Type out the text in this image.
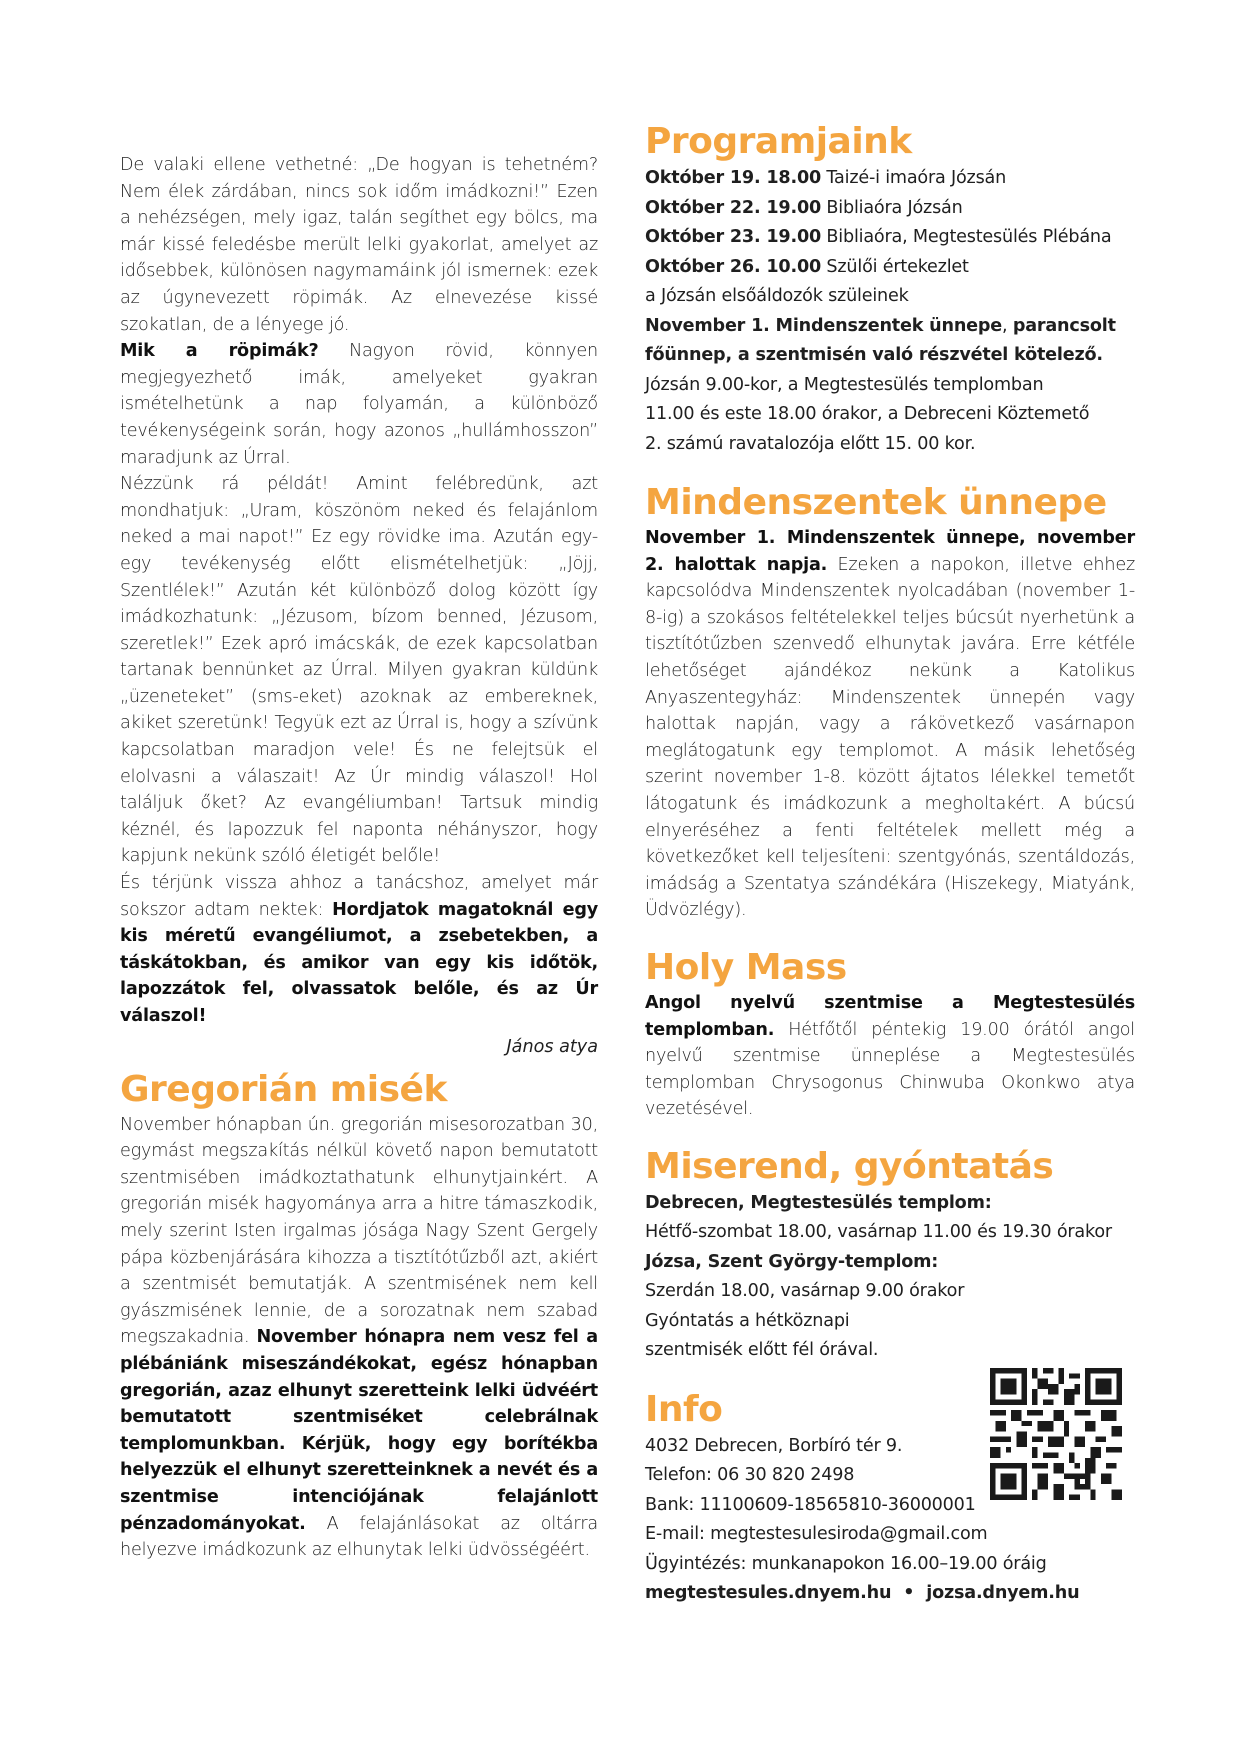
De valaki ellene vethetné: „De hogyan is tehetném? Nem élek zárdában, nincs sok időm imádkozni!” Ezen a nehézségen, mely igaz, talán segíthet egy bölcs, ma már kissé feledésbe merült lelki gyakorlat, amelyet az idősebbek, különösen nagymamáink jól ismernek: ezek az úgynevezett röpimák. Az elnevezése kissé szokatlan, de a lényege jó.

Mik a röpimák? Nagyon rövid, könnyen megjegyezhető imák, amelyeket gyakran ismételhetünk a nap folyamán, a különböző tevékenységeink során, hogy azonos „hullámhosszon” maradjunk az Úrral.

Nézzünk rá példát! Amint felébredünk, azt mondhatjuk: „Uram, köszönöm neked és felajánlom neked a mai napot!” Ez egy rövidke ima. Azután egy-egy tevékenység előtt elismételhetjük: „Jöjj, Szentlélek!” Azután két különböző dolog között így imádkozhatunk: „Jézusom, bízom benned, Jézusom, szeretlek!” Ezek apró imácskák, de ezek kapcsolatban tartanak bennünket az Úrral. Milyen gyakran küldünk „üzeneteket” (sms-eket) azoknak az embereknek, akiket szeretünk! Tegyük ezt az Úrral is, hogy a szívünk kapcsolatban maradjon vele! És ne felejtsük el elolvasni a válaszait! Az Úr mindig válaszol! Hol találjuk őket? Az evangéliumban! Tartsuk mindig kéznél, és lapozzuk fel naponta néhányszor, hogy kapjunk nekünk szóló életigét belőle!

És térjünk vissza ahhoz a tanácshoz, amelyet már sokszor adtam nektek: Hordjatok magatoknál egy kis méretű evangéliumot, a zsebetekben, a táskátokban, és amikor van egy kis időtök, lapozzátok fel, olvassatok belőle, és az Úr válaszol!

János atya
Gregorián misék

November hónapban ún. gregorián misesorozatban 30, egymást megszakítás nélkül követő napon bemutatott szentmisében imádkoztathatunk elhunytjainkért. A gregorián misék hagyománya arra a hitre támaszkodik, mely szerint Isten irgalmas jósága Nagy Szent Gergely pápa közbenjárására kihozza a tisztítótűzből azt, akiért a szentmisét bemutatják. A szentmisének nem kell gyászmisének lennie, de a sorozatnak nem szabad megszakadnia. November hónapra nem vesz fel a plébániánk miseszándékokat, egész hónapban gregorián, azaz elhunyt szeretteink lelki üdvéért bemutatott szentmiséket celebrálnak templomunkban. Kérjük, hogy egy borítékba helyezzük el elhunyt szeretteinknek a nevét és a szentmise intenciójának felajánlott pénzadományokat. A felajánlásokat az oltárra helyezve imádkozunk az elhunytak lelki üdvösségéért.

Programjaink
Október 19. 18.00 Taizé-i imaóra Józsán
Október 22. 19.00 Bibliaóra Józsán
Október 23. 19.00 Bibliaóra, Megtestesülés Plébána
Október 26. 10.00 Szülői értekezlet
a Józsán elsőáldozók szüleinek
November 1. Mindenszentek ünnepe, parancsolt
főünnep, a szentmisén való részvétel kötelező.
Józsán 9.00-kor, a Megtestesülés templomban
11.00 és este 18.00 órakor, a Debreceni Köztemető
2. számú ravatalozója előtt 15. 00 kor.
Mindenszentek ünnepe

November 1. Mindenszentek ünnepe, november 2. halottak napja. Ezeken a napokon, illetve ehhez kapcsolódva Mindenszentek nyolcadában (november 1-8-ig) a szokásos feltételekkel teljes búcsút nyerhetünk a tisztítótűzben szenvedő elhunytak javára. Erre kétféle lehetőséget ajándékoz nekünk a Katolikus Anyaszentegyház: Mindenszentek ünnepén vagy halottak napján, vagy a rákövetkező vasárnapon meglátogatunk egy templomot. A másik lehetőség szerint november 1-8. között ájtatos lélekkel temetőt látogatunk és imádkozunk a megholtakért. A búcsú elnyeréséhez a fenti feltételek mellett még a következőket kell teljesíteni: szentgyónás, szentáldozás, imádság a Szentatya szándékára (Hiszekegy, Miatyánk, Üdvözlégy).

Holy Mass

Angol nyelvű szentmise a Megtestesülés templomban. Hétfőtől péntekig 19.00 órától angol nyelvű szentmise ünneplése a Megtestesülés templomban Chrysogonus Chinwuba Okonkwo atya vezetésével.

Miserend, gyóntatás
Debrecen, Megtestesülés templom:
Hétfő-szombat 18.00, vasárnap 11.00 és 19.30 órakor
Józsa, Szent György-templom:
Szerdán 18.00, vasárnap 9.00 órakor
Gyóntatás a hétköznapi
szentmisék előtt fél órával.
Info
4032 Debrecen, Borbíró tér 9.
Telefon: 06 30 820 2498
Bank: 11100609-18565810-36000001
E-mail: megtestesulesiroda@gmail.com
Ügyintézés: munkanapokon 16.00–19.00 óráig
megtestesules.dnyem.hu • jozsa.dnyem.hu
